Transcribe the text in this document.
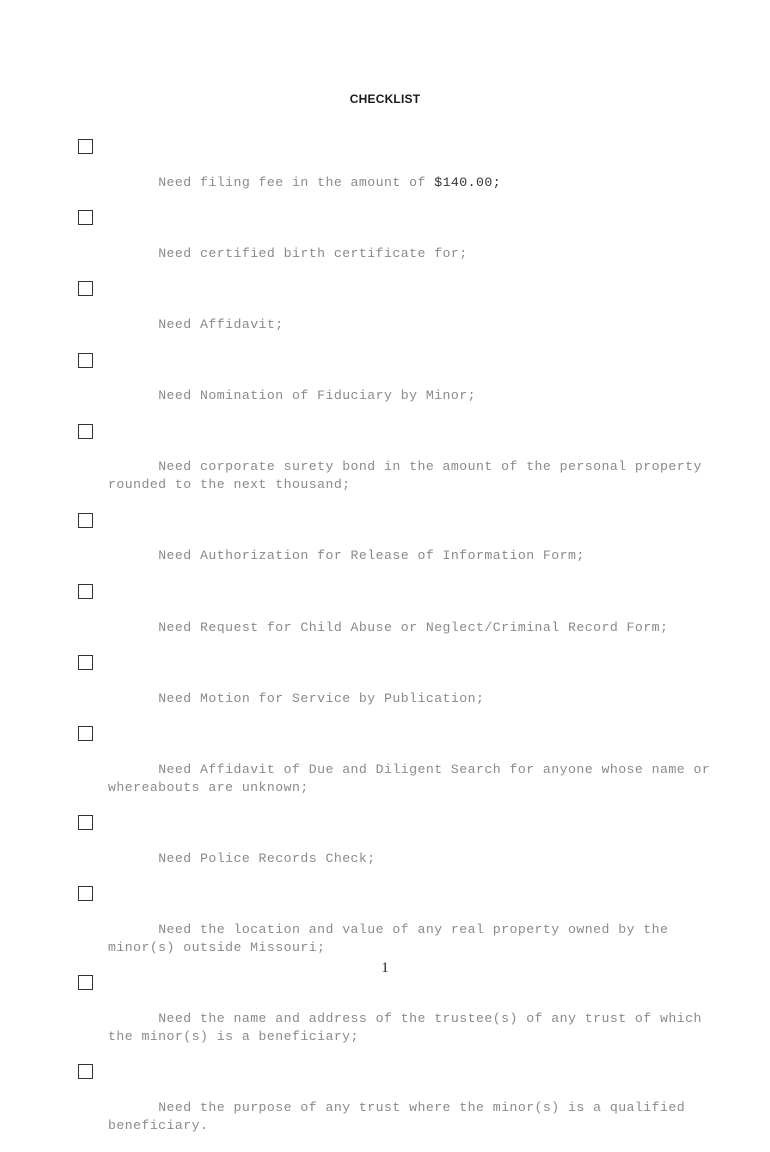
CHECKLIST

Need filing fee in the amount of $140.00;

Need certified birth certificate for;

Need Affidavit;

Need Nomination of Fiduciary by Minor;

Need corporate surety bond in the amount of the personal property
rounded to the next thousand;

Need Authorization for Release of Information Form;

Need Request for Child Abuse or Neglect/Criminal Record Form;

Need Motion for Service by Publication;

Need Affidavit of Due and Diligent Search for anyone whose name or
whereabouts are unknown;

Need Police Records Check;

Need the location and value of any real property owned by the
minor(s) outside Missouri;

Need the name and address of the trustee(s) of any trust of which
the minor(s) is a beneficiary;

Need the purpose of any trust where the minor(s) is a qualified
beneficiary.

1
